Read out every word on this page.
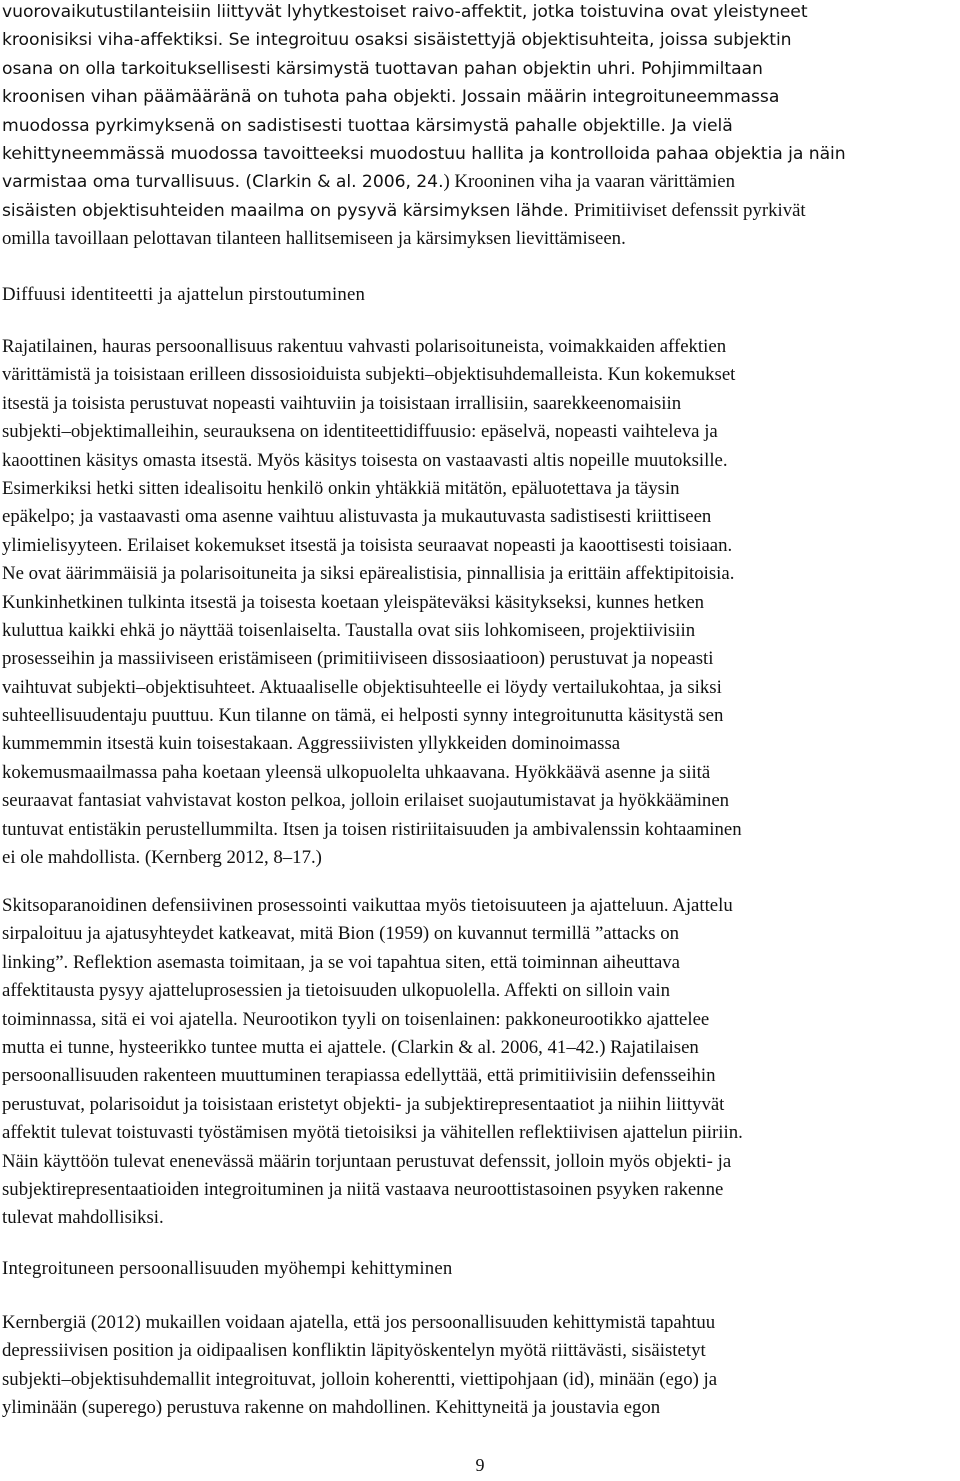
vuorovaikutustilanteisiin liittyvät lyhytkestoiset raivo-affektit, jotka toistuvina ovat yleistyneet
kroonisiksi viha-affektiksi. Se integroituu osaksi sisäistettyjä objektisuhteita, joissa subjektin
osana on olla tarkoituksellisesti kärsimystä tuottavan pahan objektin uhri. Pohjimmiltaan
kroonisen vihan päämääränä on tuhota paha objekti. Jossain määrin integroituneemmassa
muodossa pyrkimyksenä on sadistisesti tuottaa kärsimystä pahalle objektille. Ja vielä
kehittyneemmässä muodossa tavoitteeksi muodostuu hallita ja kontrolloida pahaa objektia ja näin
varmistaa oma turvallisuus. (Clarkin & al. 2006, 24.) Krooninen viha ja vaaran värittämien
sisäisten objektisuhteiden maailma on pysyvä kärsimyksen lähde. Primitiiviset defenssit pyrkivät
omilla tavoillaan pelottavan tilanteen hallitsemiseen ja kärsimyksen lievittämiseen.
Diffuusi identiteetti ja ajattelun pirstoutuminen
Rajatilainen, hauras persoonallisuus rakentuu vahvasti polarisoituneista, voimakkaiden affektien
värittämistä ja toisistaan erilleen dissosioiduista subjekti–objektisuhdemalleista. Kun kokemukset
itsestä ja toisista perustuvat nopeasti vaihtuviin ja toisistaan irrallisiin, saarekkeenomaisiin
subjekti–objektimalleihin, seurauksena on identiteettidiffuusio: epäselvä, nopeasti vaihteleva ja
kaoottinen käsitys omasta itsestä. Myös käsitys toisesta on vastaavasti altis nopeille muutoksille.
Esimerkiksi hetki sitten idealisoitu henkilö onkin yhtäkkiä mitätön, epäluotettava ja täysin
epäkelpo; ja vastaavasti oma asenne vaihtuu alistuvasta ja mukautuvasta sadistisesti kriittiseen
ylimielisyyteen. Erilaiset kokemukset itsestä ja toisista seuraavat nopeasti ja kaoottisesti toisiaan.
Ne ovat äärimmäisiä ja polarisoituneita ja siksi epärealistisia, pinnallisia ja erittäin affektipitoisia.
Kunkinhetkinen tulkinta itsestä ja toisesta koetaan yleispäteväksi käsitykseksi, kunnes hetken
kuluttua kaikki ehkä jo näyttää toisenlaiselta. Taustalla ovat siis lohkomiseen, projektiivisiin
prosesseihin ja massiiviseen eristämiseen (primitiiviseen dissosiaatioon) perustuvat ja nopeasti
vaihtuvat subjekti–objektisuhteet. Aktuaaliselle objektisuhteelle ei löydy vertailukohtaa, ja siksi
suhteellisuudentaju puuttuu. Kun tilanne on tämä, ei helposti synny integroitunutta käsitystä sen
kummemmin itsestä kuin toisestakaan. Aggressiivisten yllykkeiden dominoimassa
kokemusmaailmassa paha koetaan yleensä ulkopuolelta uhkaavana. Hyökkäävä asenne ja siitä
seuraavat fantasiat vahvistavat koston pelkoa, jolloin erilaiset suojautumistavat ja hyökkääminen
tuntuvat entistäkin perustellummilta. Itsen ja toisen ristiriitaisuuden ja ambivalenssin kohtaaminen
ei ole mahdollista. (Kernberg 2012, 8–17.)
Skitsoparanoidinen defensiivinen prosessointi vaikuttaa myös tietoisuuteen ja ajatteluun. Ajattelu
sirpaloituu ja ajatusyhteydet katkeavat, mitä Bion (1959) on kuvannut termillä ”attacks on
linking”. Reflektion asemasta toimitaan, ja se voi tapahtua siten, että toiminnan aiheuttava
affektitausta pysyy ajatteluprosessien ja tietoisuuden ulkopuolella. Affekti on silloin vain
toiminnassa, sitä ei voi ajatella. Neurootikon tyyli on toisenlainen: pakkoneurootikko ajattelee
mutta ei tunne, hysteerikko tuntee mutta ei ajattele. (Clarkin & al. 2006, 41–42.) Rajatilaisen
persoonallisuuden rakenteen muuttuminen terapiassa edellyttää, että primitiivisiin defensseihin
perustuvat, polarisoidut ja toisistaan eristetyt objekti- ja subjektirepresentaatiot ja niihin liittyvät
affektit tulevat toistuvasti työstämisen myötä tietoisiksi ja vähitellen reflektiivisen ajattelun piiriin.
Näin käyttöön tulevat enenevässä määrin torjuntaan perustuvat defenssit, jolloin myös objekti- ja
subjektirepresentaatioiden integroituminen ja niitä vastaava neuroottistasoinen psyyken rakenne
tulevat mahdollisiksi.
Integroituneen persoonallisuuden myöhempi kehittyminen
Kernbergiä (2012) mukaillen voidaan ajatella, että jos persoonallisuuden kehittymistä tapahtuu
depressiivisen position ja oidipaalisen konfliktin läpityöskentelyn myötä riittävästi, sisäistetyt
subjekti–objektisuhdemallit integroituvat, jolloin koherentti, viettipohjaan (id), minään (ego) ja
yliminään (superego) perustuva rakenne on mahdollinen. Kehittyneitä ja joustavia egon
9
